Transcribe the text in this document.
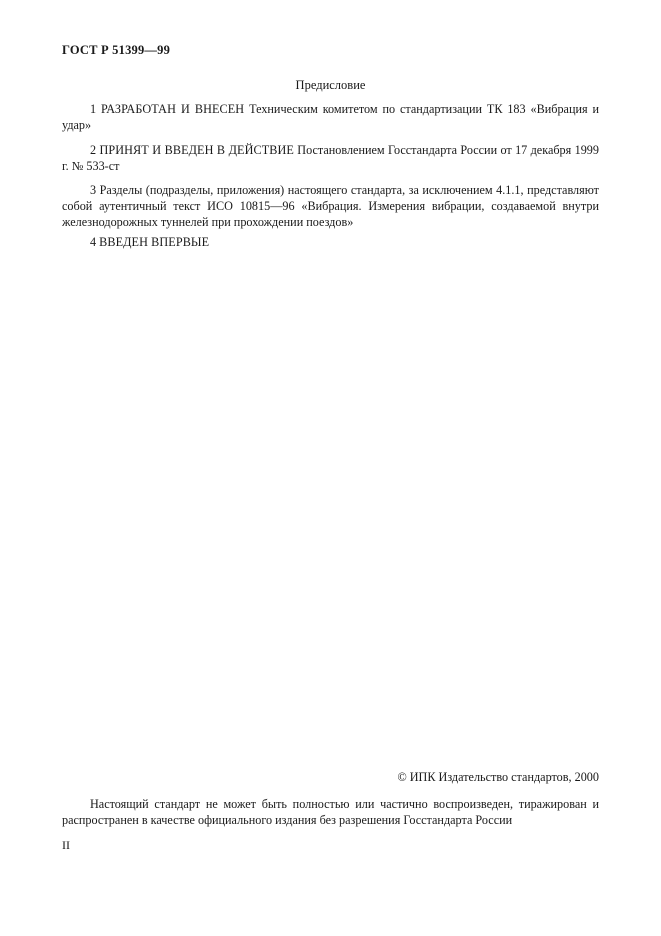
ГОСТ Р 51399—99
Предисловие
1 РАЗРАБОТАН И ВНЕСЕН Техническим комитетом по стандартизации ТК 183 «Вибрация и удар»
2 ПРИНЯТ И ВВЕДЕН В ДЕЙСТВИЕ Постановлением Госстандарта России от 17 декабря 1999 г. № 533-ст
3 Разделы (подразделы, приложения) настоящего стандарта, за исключением 4.1.1, представляют собой аутентичный текст ИСО 10815—96 «Вибрация. Измерения вибрации, создаваемой внутри железнодорожных туннелей при прохождении поездов»
4 ВВЕДЕН ВПЕРВЫЕ
© ИПК Издательство стандартов, 2000
Настоящий стандарт не может быть полностью или частично воспроизведен, тиражирован и распространен в качестве официального издания без разрешения Госстандарта России
II
